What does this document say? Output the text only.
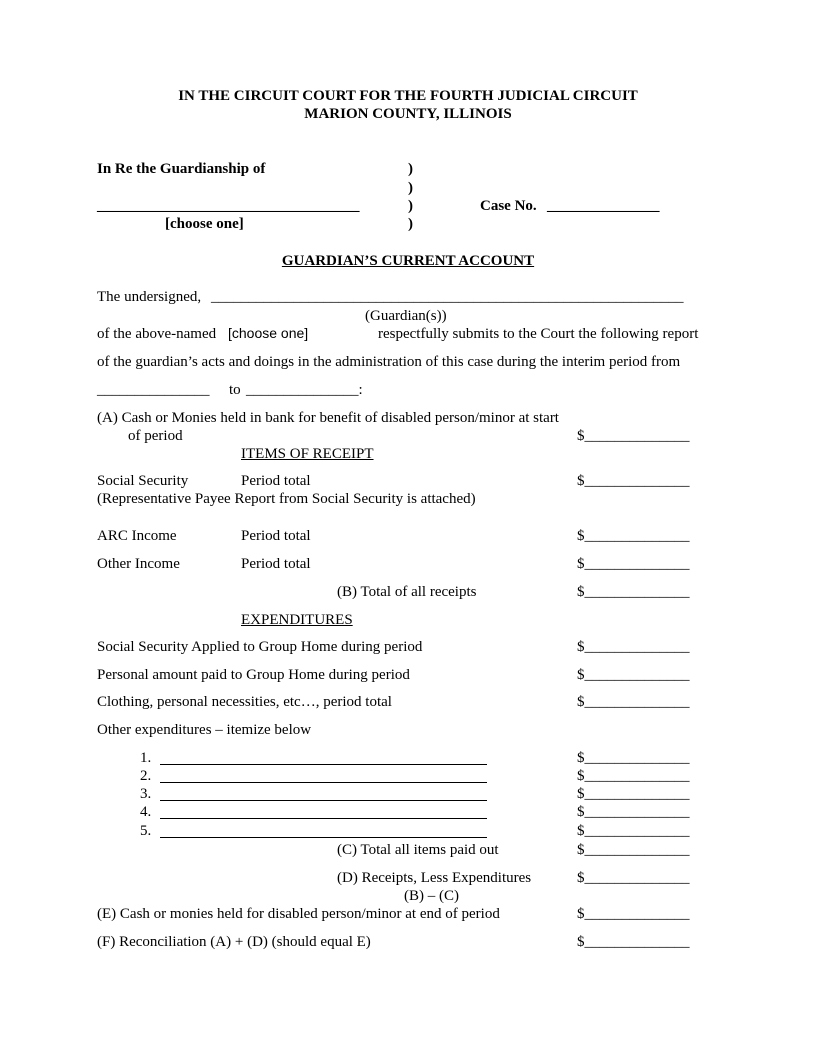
IN THE CIRCUIT COURT FOR THE FOURTH JUDICIAL CIRCUIT
MARION COUNTY, ILLINOIS
In Re the Guardianship of	)
)
___________________________________	)	Case No. _______________
[choose one]	)
GUARDIAN’S CURRENT ACCOUNT
The undersigned, _______________________________________________________________
(Guardian(s))
of the above-named [choose one]	respectfully submits to the Court the following report
of the guardian’s acts and doings in the administration of this case during the interim period from
_______________ to _______________:
(A) Cash or Monies held in bank for benefit of disabled person/minor at start
of period	$______________
ITEMS OF RECEIPT
Social Security	Period total	$______________
(Representative Payee Report from Social Security is attached)
ARC Income	Period total	$______________
Other Income	Period total	$______________
(B) Total of all receipts	$______________
EXPENDITURES
Social Security Applied to Group Home during period	$______________
Personal amount paid to Group Home during period	$______________
Clothing, personal necessities, etc…, period total	$______________
Other expenditures – itemize below
1.	$______________
2.	$______________
3.	$______________
4.	$______________
5.	$______________
(C) Total all items paid out	$______________
(D) Receipts, Less Expenditures	$______________
(B) – (C)
(E) Cash or monies held for disabled person/minor at end of period	$______________
(F) Reconciliation (A) + (D) (should equal E)	$______________
